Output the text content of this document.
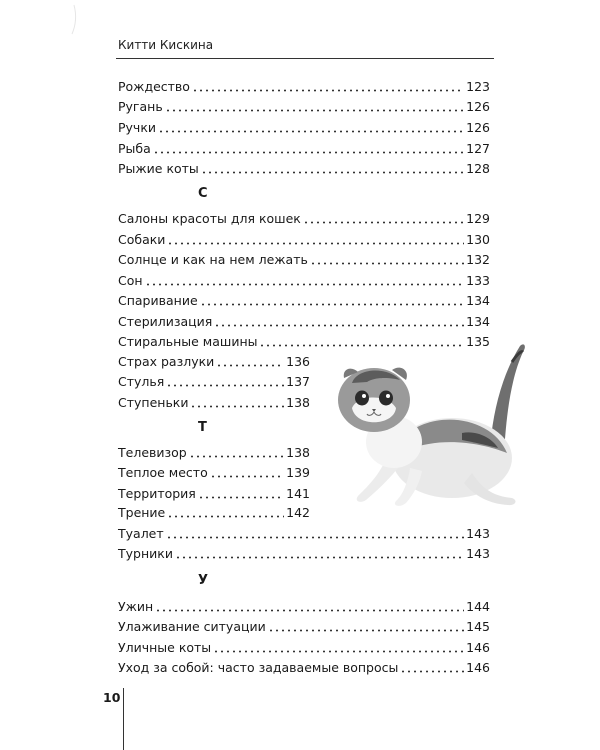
Китти Кискина
Рождество	123
Ругань	126
Ручки	126
Рыба	127
Рыжие коты	128
С
Салоны красоты для кошек	129
Собаки	130
Солнце и как на нем лежать	132
Сон	133
Спаривание	134
Стерилизация	134
Стиральные машины	135
Страх разлуки	136
Стулья	137
Ступеньки	138
Т
Телевизор	138
Теплое место	139
Территория	141
Трение	142
Туалет	143
Турники	143
У
Ужин	144
Улаживание ситуации	145
Уличные коты	146
Уход за собой: часто задаваемые вопросы	146
10
